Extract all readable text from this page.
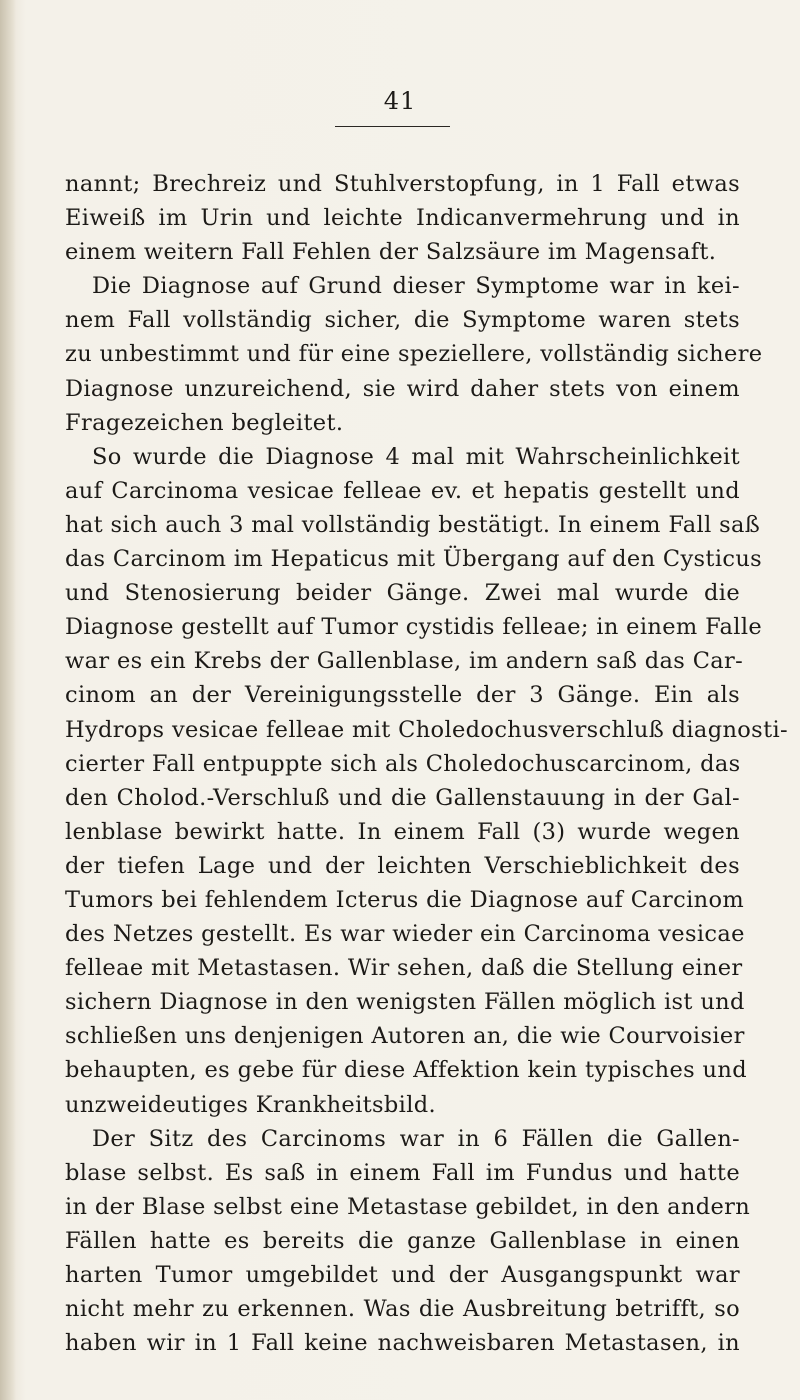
41
nannt; Brechreiz und Stuhlverstopfung, in 1 Fall etwas
Eiweiß im Urin und leichte Indicanvermehrung und in
einem weitern Fall Fehlen der Salzsäure im Magensaft.
Die Diagnose auf Grund dieser Symptome war in kei-
nem Fall vollständig sicher, die Symptome waren stets
zu unbestimmt und für eine speziellere, vollständig sichere
Diagnose unzureichend, sie wird daher stets von einem
Fragezeichen begleitet.
So wurde die Diagnose 4 mal mit Wahrscheinlichkeit
auf Carcinoma vesicae felleae ev. et hepatis gestellt und
hat sich auch 3 mal vollständig bestätigt. In einem Fall saß
das Carcinom im Hepaticus mit Übergang auf den Cysticus
und Stenosierung beider Gänge. Zwei mal wurde die
Diagnose gestellt auf Tumor cystidis felleae; in einem Falle
war es ein Krebs der Gallenblase, im andern saß das Car-
cinom an der Vereinigungsstelle der 3 Gänge. Ein als
Hydrops vesicae felleae mit Choledochusverschluß diagnosti-
cierter Fall entpuppte sich als Choledochuscarcinom, das
den Cholod.-Verschluß und die Gallenstauung in der Gal-
lenblase bewirkt hatte. In einem Fall (3) wurde wegen
der tiefen Lage und der leichten Verschieblichkeit des
Tumors bei fehlendem Icterus die Diagnose auf Carcinom
des Netzes gestellt. Es war wieder ein Carcinoma vesicae
felleae mit Metastasen. Wir sehen, daß die Stellung einer
sichern Diagnose in den wenigsten Fällen möglich ist und
schließen uns denjenigen Autoren an, die wie Courvoisier
behaupten, es gebe für diese Affektion kein typisches und
unzweideutiges Krankheitsbild.
Der Sitz des Carcinoms war in 6 Fällen die Gallen-
blase selbst. Es saß in einem Fall im Fundus und hatte
in der Blase selbst eine Metastase gebildet, in den andern
Fällen hatte es bereits die ganze Gallenblase in einen
harten Tumor umgebildet und der Ausgangspunkt war
nicht mehr zu erkennen. Was die Ausbreitung betrifft, so
haben wir in 1 Fall keine nachweisbaren Metastasen, in
